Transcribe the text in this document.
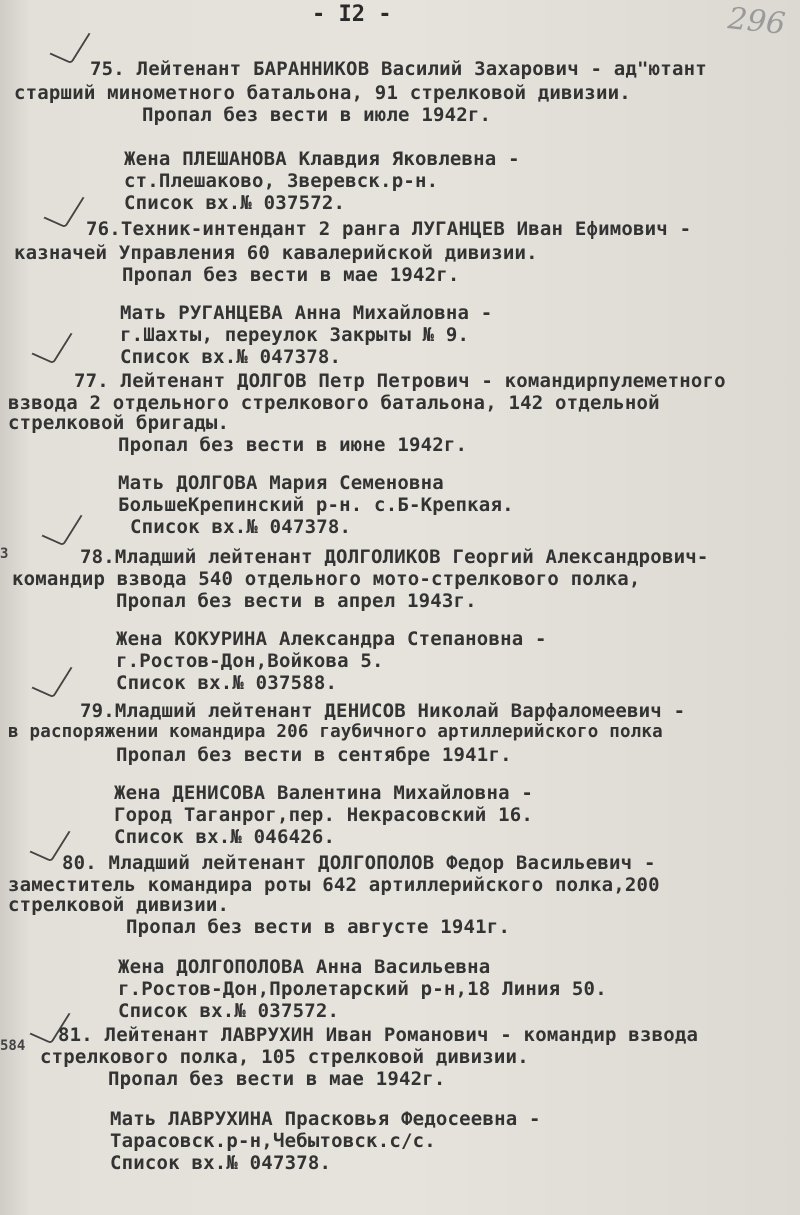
- I2 -	296
3
584
75. Лейтенант БАРАННИКОВ Василий Захарович - ад"ютант
старший минометного батальона, 91 стрелковой дивизии.
Пропал без вести в июле 1942г.
Жена ПЛЕШАНОВА Клавдия Яковлевна -
ст.Плешаково, Зверевск.р-н.
Список вх.№ 037572.
76.Техник-интендант 2 ранга ЛУГАНЦЕВ Иван Ефимович -
казначей Управления 60 кавалерийской дивизии.
Пропал без вести в мае 1942г.
Мать РУГАНЦЕВА Анна Михайловна -
г.Шахты, переулок Закрыты № 9.
Список вх.№ 047378.
77. Лейтенант ДОЛГОВ Петр Петрович - командирпулеметного
взвода 2 отдельного стрелкового батальона, 142 отдельной
стрелковой бригады.
Пропал без вести в июне 1942г.
Мать ДОЛГОВА Мария Семеновна
БольшеКрепинский р-н. с.Б-Крепкая.
Список вх.№ 047378.
78.Младший лейтенант ДОЛГОЛИКОВ Георгий Александрович-
командир взвода 540 отдельного мото-стрелкового полка,
Пропал без вести в апрел 1943г.
Жена КОКУРИНА Александра Степановна -
г.Ростов-Дон,Войкова 5.
Список вх.№ 037588.
79.Младший лейтенант ДЕНИСОВ Николай Варфаломеевич -
в распоряжении командира 206 гаубичного артиллерийского полка
Пропал без вести в сентябре 1941г.
Жена ДЕНИСОВА Валентина Михайловна -
Город Таганрог,пер. Некрасовский 16.
Список вх.№ 046426.
80. Младший лейтенант ДОЛГОПОЛОВ Федор Васильевич -
заместитель командира роты 642 артиллерийского полка,200
стрелковой дивизии.
Пропал без вести в августе 1941г.
Жена ДОЛГОПОЛОВА Анна Васильевна
г.Ростов-Дон,Пролетарский р-н,18 Линия 50.
Список вх.№ 037572.
81. Лейтенант ЛАВРУХИН Иван Романович - командир взвода
стрелкового полка, 105 стрелковой дивизии.
Пропал без вести в мае 1942г.
Мать ЛАВРУХИНА Прасковья Федосеевна -
Тарасовск.р-н,Чебытовск.с/с.
Список вх.№ 047378.
